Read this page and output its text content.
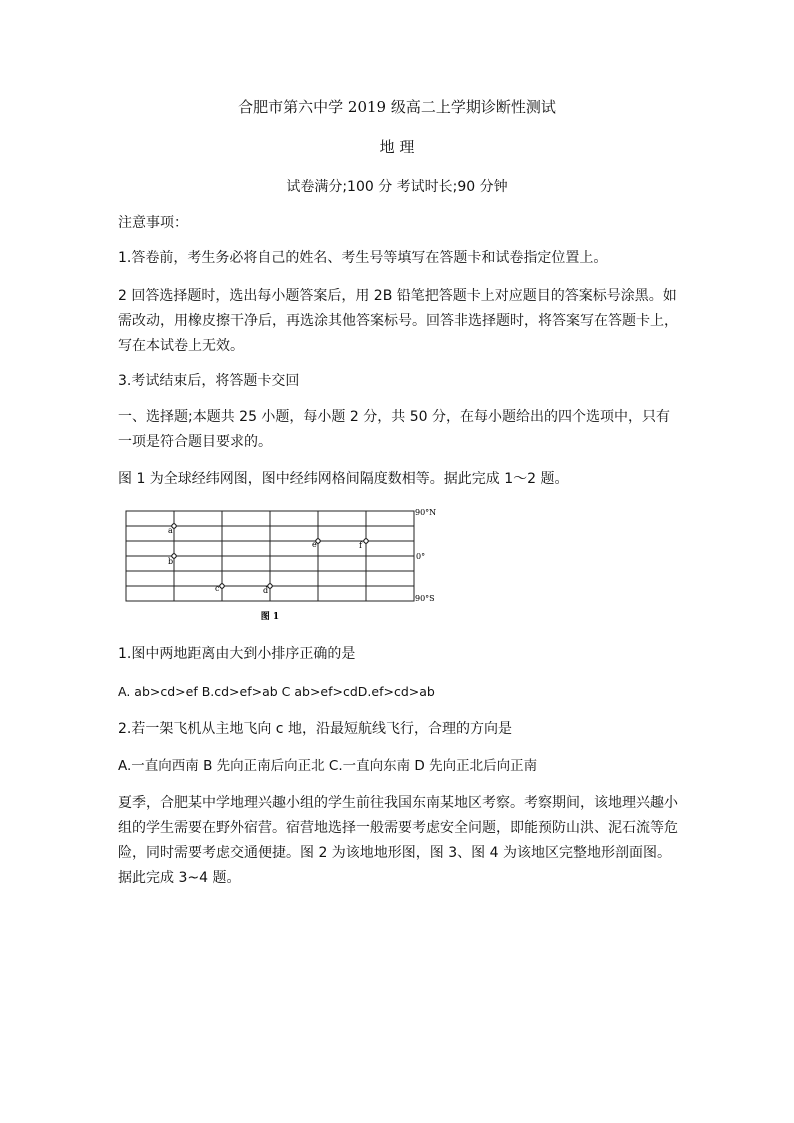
合肥市第六中学 2019 级高二上学期诊断性测试
地 理
试卷满分;100 分 考试时长;90 分钟
注意事项：
1.答卷前，考生务必将自己的姓名、考生号等填写在答题卡和试卷指定位置上。
2 回答选择题时，选出每小题答案后，用 2B 铅笔把答题卡上对应题目的答案标号涂黑。如需改动，用橡皮擦干净后，再选涂其他答案标号。回答非选择题时，将答案写在答题卡上，写在本试卷上无效。
3.考试结束后，将答题卡交回
一、选择题;本题共 25 小题，每小题 2 分，共 50 分，在每小题给出的四个选项中，只有一项是符合题目要求的。
图 1 为全球经纬网图，图中经纬网格间隔度数相等。据此完成 1～2 题。
a
b
c	d
e	f
90°N
0°
90°S
图 1
1.图中两地距离由大到小排序正确的是
A. ab>cd>ef B.cd>ef>ab C ab>ef>cdD.ef>cd>ab
2.若一架飞机从主地飞向 c 地，沿最短航线飞行，合理的方向是
A.一直向西南 B 先向正南后向正北 C.一直向东南 D 先向正北后向正南
夏季，合肥某中学地理兴趣小组的学生前往我国东南某地区考察。考察期间，该地理兴趣小组的学生需要在野外宿营。宿营地选择一般需要考虑安全问题，即能预防山洪、泥石流等危险，同时需要考虑交通便捷。图 2 为该地地形图，图 3、图 4 为该地区完整地形剖面图。据此完成 3~4 题。
